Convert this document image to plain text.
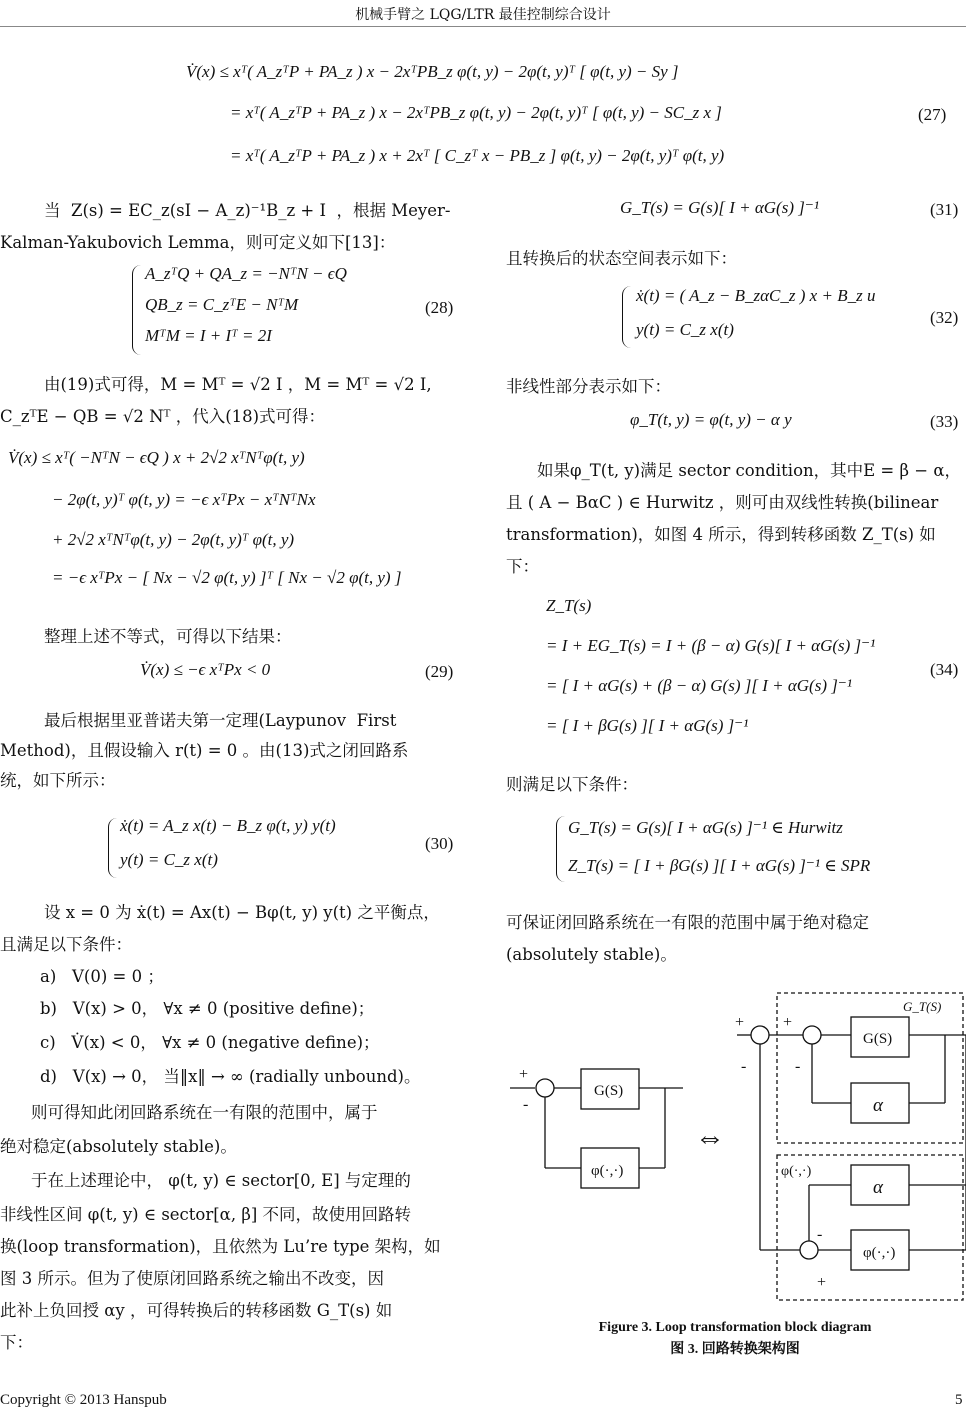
机械手臂之 LQG/LTR 最佳控制综合设计
V̇(x) ≤ xᵀ( A_zᵀP + PA_z ) x − 2xᵀPB_z φ(t, y) − 2φ(t, y)ᵀ [ φ(t, y) − Sy ]
= xᵀ( A_zᵀP + PA_z ) x − 2xᵀPB_z φ(t, y) − 2φ(t, y)ᵀ [ φ(t, y) − SC_z x ]
= xᵀ( A_zᵀP + PA_z ) x + 2xᵀ [ C_zᵀ x − PB_z ] φ(t, y) − 2φ(t, y)ᵀ φ(t, y)
(27)
当  Z(s) = EC_z(sI − A_z)⁻¹B_z + I  ，根据 Meyer-
Kalman-Yakubovich Lemma，则可定义如下[13]：
A_zᵀQ + QA_z = −NᵀN − ϵQ
QB_z = C_zᵀE − NᵀM
MᵀM = I + Iᵀ = 2I
(28)
由(19)式可得，M = Mᵀ = √2 I ，M = Mᵀ = √2 I,
C_zᵀE − QB = √2 Nᵀ ，代入(18)式可得：
V̇(x) ≤ xᵀ( −NᵀN − ϵQ ) x + 2√2 xᵀNᵀφ(t, y)
− 2φ(t, y)ᵀ φ(t, y) = −ϵ xᵀPx − xᵀNᵀNx
+ 2√2 xᵀNᵀφ(t, y) − 2φ(t, y)ᵀ φ(t, y)
= −ϵ xᵀPx − [ Nx − √2 φ(t, y) ]ᵀ [ Nx − √2 φ(t, y) ]
整理上述不等式，可得以下结果：
V̇(x) ≤ −ϵ xᵀPx < 0	(29)
最后根据里亚普诺夫第一定理(Laypunov  First
Method)，且假设输入 r(t) = 0 。由(13)式之闭回路系
统，如下所示：
ẋ(t) = A_z x(t) − B_z φ(t, y) y(t)
y(t) = C_z x(t)
(30)
设 x = 0 为 ẋ(t) = Ax(t) − Bφ(t, y) y(t) 之平衡点，
且满足以下条件：
a)   V(0) = 0 ；
b)   V(x) > 0， ∀x ≠ 0 (positive define)；
c)   V̇(x) < 0， ∀x ≠ 0 (negative define)；
d)   V(x) → 0， 当‖x‖ → ∞ (radially unbound)。
则可得知此闭回路系统在一有限的范围中，属于
绝对稳定(absolutely stable)。
于在上述理论中， φ(t, y) ∈ sector[0, E] 与定理的
非线性区间 φ(t, y) ∈ sector[α, β] 不同，故使用回路转
换(loop transformation)，且依然为 Lu’re type 架构，如
图 3 所示。但为了使原闭回路系统之输出不改变，因
此补上负回授 αy ，可得转换后的转移函数 G_T(s) 如
下：
G_T(s) = G(s)[ I + αG(s) ]⁻¹	(31)
且转换后的状态空间表示如下：
ẋ(t) = ( A_z − B_zαC_z ) x + B_z u
y(t) = C_z x(t)
(32)
非线性部分表示如下：
φ_T(t, y) = φ(t, y) − α y	(33)
如果φ_T(t, y)满足 sector condition，其中E = β − α，
且 ( A − BαC ) ∈ Hurwitz ，则可由双线性转换(bilinear
transformation)，如图 4 所示，得到转移函数 Z_T(s) 如
下：
Z_T(s)
= I + EG_T(s) = I + (β − α) G(s)[ I + αG(s) ]⁻¹
= [ I + αG(s) + (β − α) G(s) ][ I + αG(s) ]⁻¹
= [ I + βG(s) ][ I + αG(s) ]⁻¹
(34)
则满足以下条件：
G_T(s) = G(s)[ I + αG(s) ]⁻¹ ∈ Hurwitz
Z_T(s) = [ I + βG(s) ][ I + αG(s) ]⁻¹ ∈ SPR
可保证闭回路系统在一有限的范围中属于绝对稳定
(absolutely stable)。
+
-
G(S)
φ(·,·)
⇔
G_T(S)
G(S)
α
φ(·,·)
α
φ(·,·)
+ +
-	-
-
+
Figure 3. Loop transformation block diagram
图 3. 回路转换架构图
Copyright © 2013 Hanspub	5
